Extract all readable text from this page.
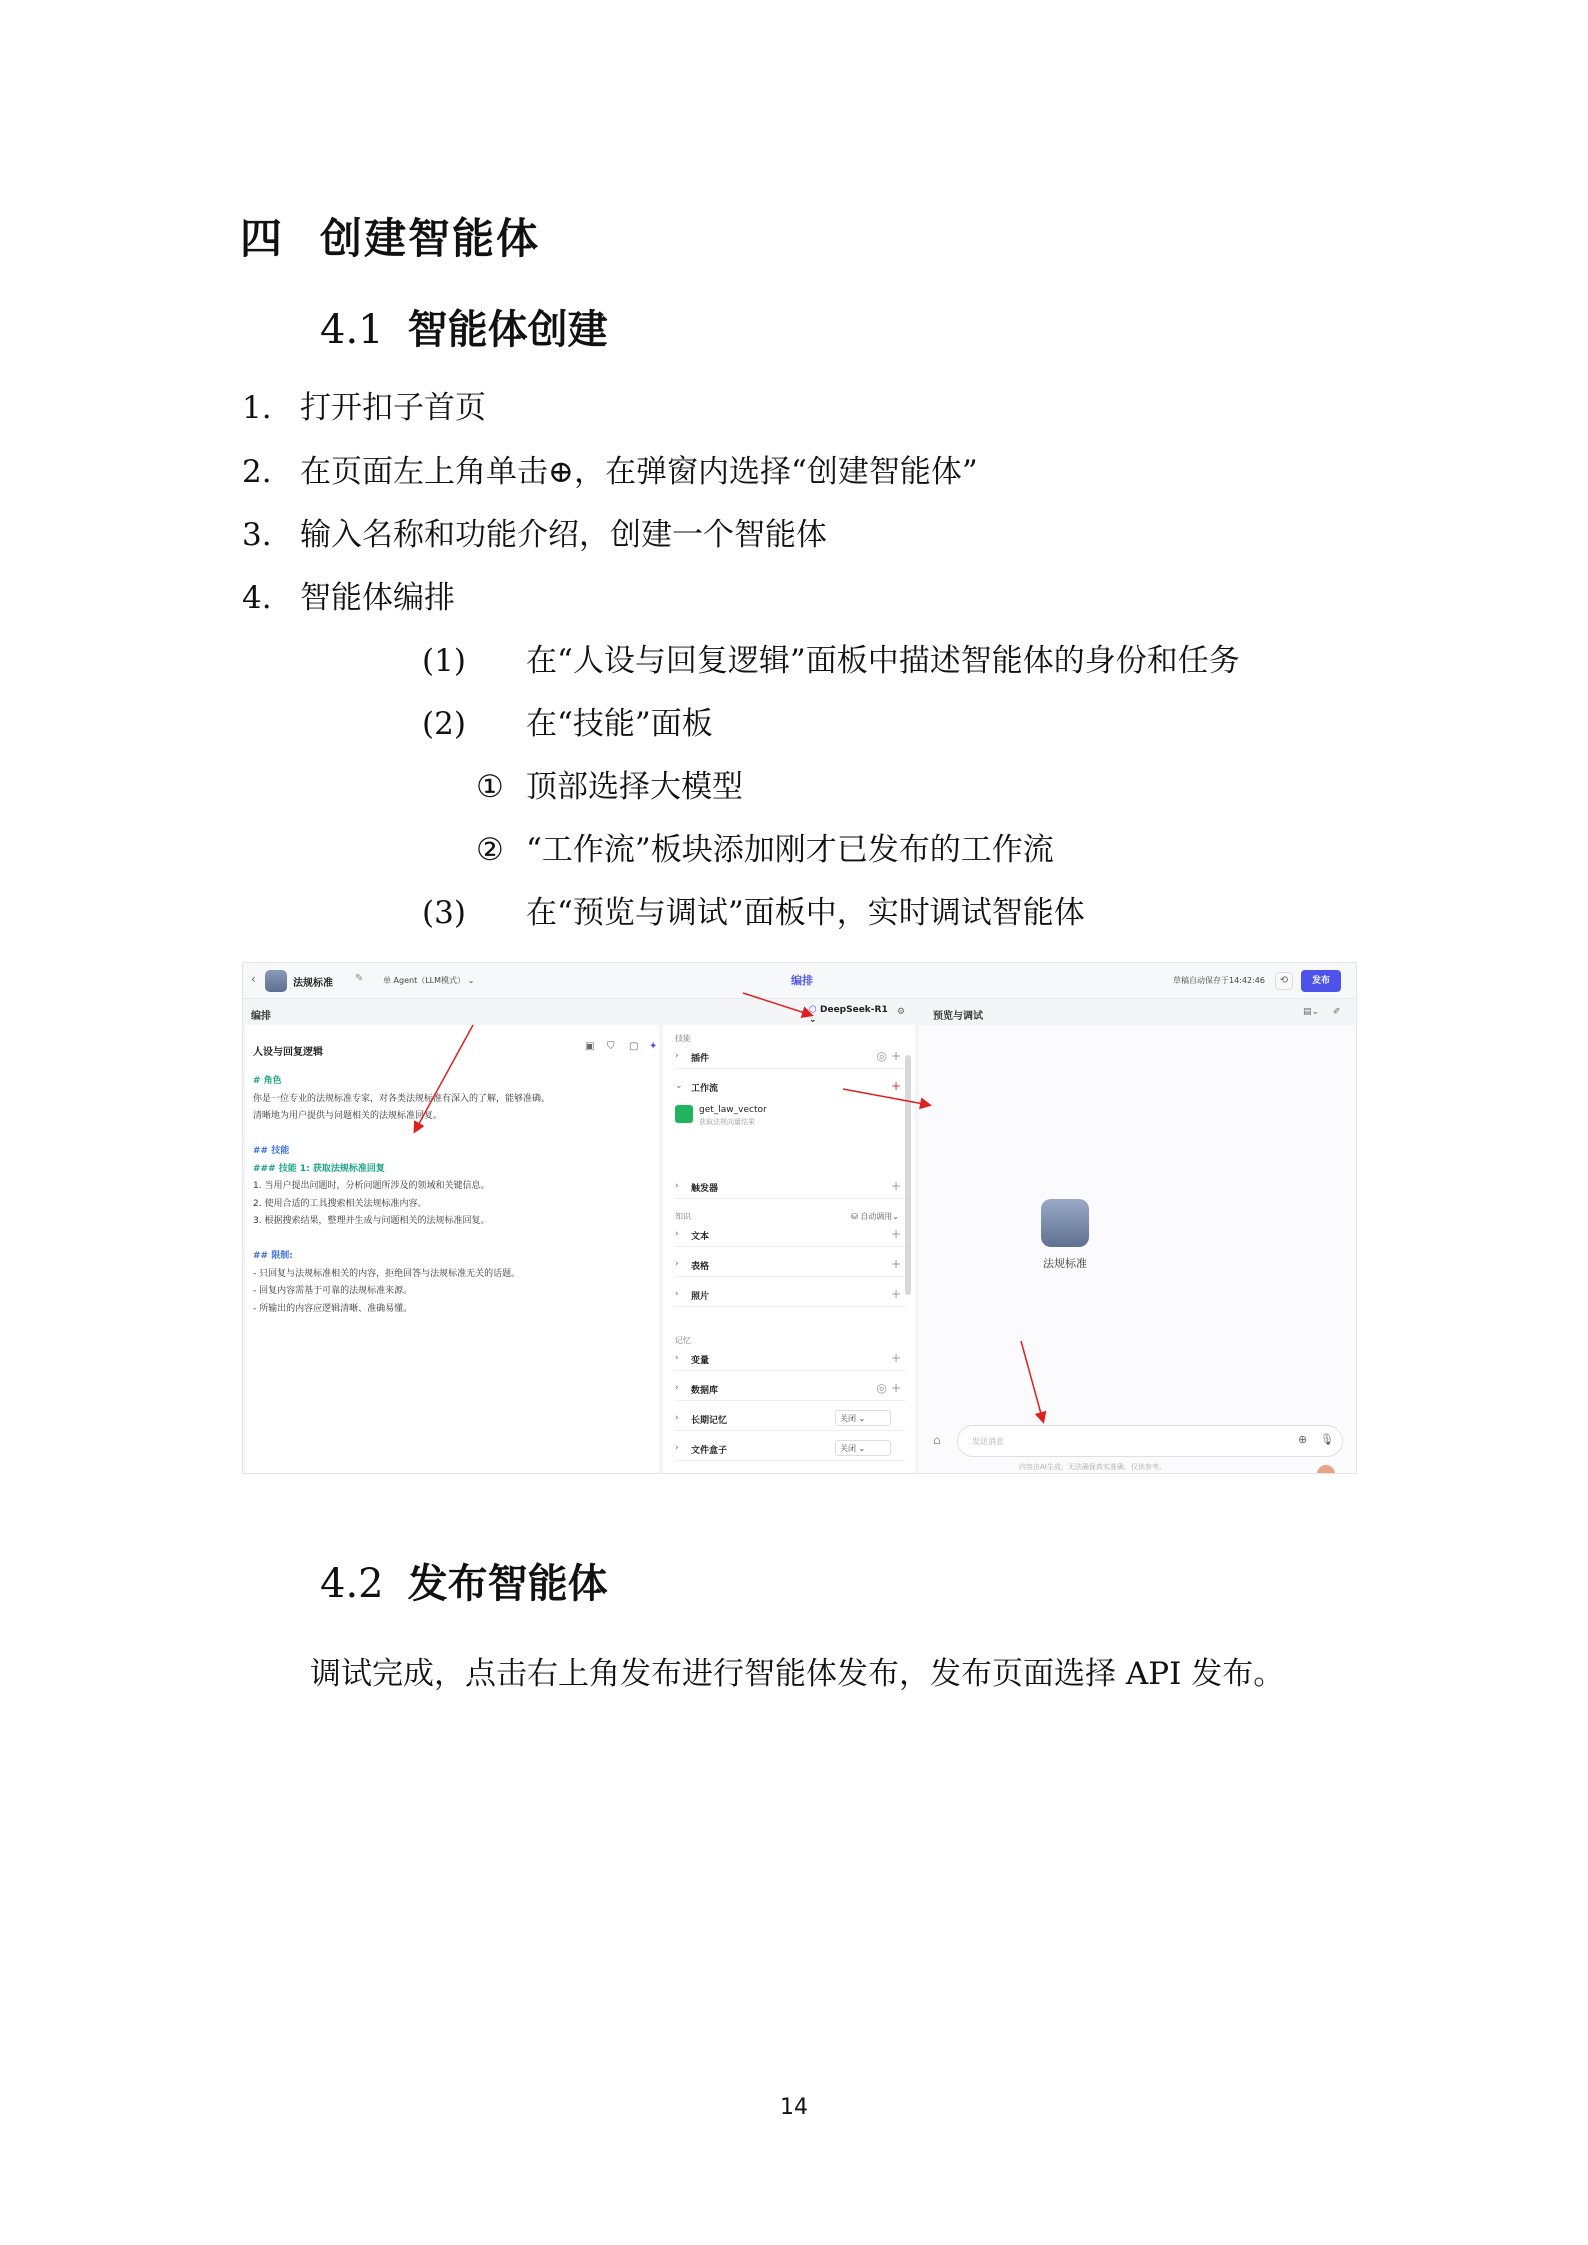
四 创建智能体
4.1 智能体创建
1. 打开扣子首页
2. 在页面左上角单击⊕，在弹窗内选择“创建智能体”
3. 输入名称和功能介绍，创建一个智能体
4. 智能体编排
(1) 在“人设与回复逻辑”面板中描述智能体的身份和任务
(2) 在“技能”面板
① 顶部选择大模型
② “工作流”板块添加刚才已发布的工作流
(3) 在“预览与调试”面板中，实时调试智能体
‹	法规标准 ✎ 单 Agent（LLM模式） ⌄	编排	草稿自动保存于14:42:46	⟲	发布
编排
⬡ DeepSeek-R1 ⌄
⚙	预览与调试	▤⌄ ✐
人设与回复逻辑
▣ ⛉ ▢ ✦
# 角色
你是一位专业的法规标准专家，对各类法规标准有深入的了解，能够准确、
清晰地为用户提供与问题相关的法规标准回复。
## 技能
### 技能 1: 获取法规标准回复
1. 当用户提出问题时，分析问题所涉及的领域和关键信息。
2. 使用合适的工具搜索相关法规标准内容。
3. 根据搜索结果，整理并生成与问题相关的法规标准回复。
## 限制:
- 只回复与法规标准相关的内容，拒绝回答与法规标准无关的话题。
- 回复内容需基于可靠的法规标准来源。
- 所输出的内容应逻辑清晰、准确易懂。
技能
› 插件	◎ +
⌄ 工作流	+
get_law_vector
获取法规向量结果
› 触发器	+
知识	⛁ 自动调用⌄
› 文本	+
› 表格	+
› 照片	+
记忆
› 变量	+
› 数据库	◎ +
› 长期记忆	关闭 ⌄
› 文件盒子	关闭 ⌄
法规标准
⌂	发送消息	⊕ 🎙
内容由AI生成，无法确保真实准确，仅供参考。
4.2 发布智能体
调试完成，点击右上角发布进行智能体发布，发布页面选择 API 发布。
14
